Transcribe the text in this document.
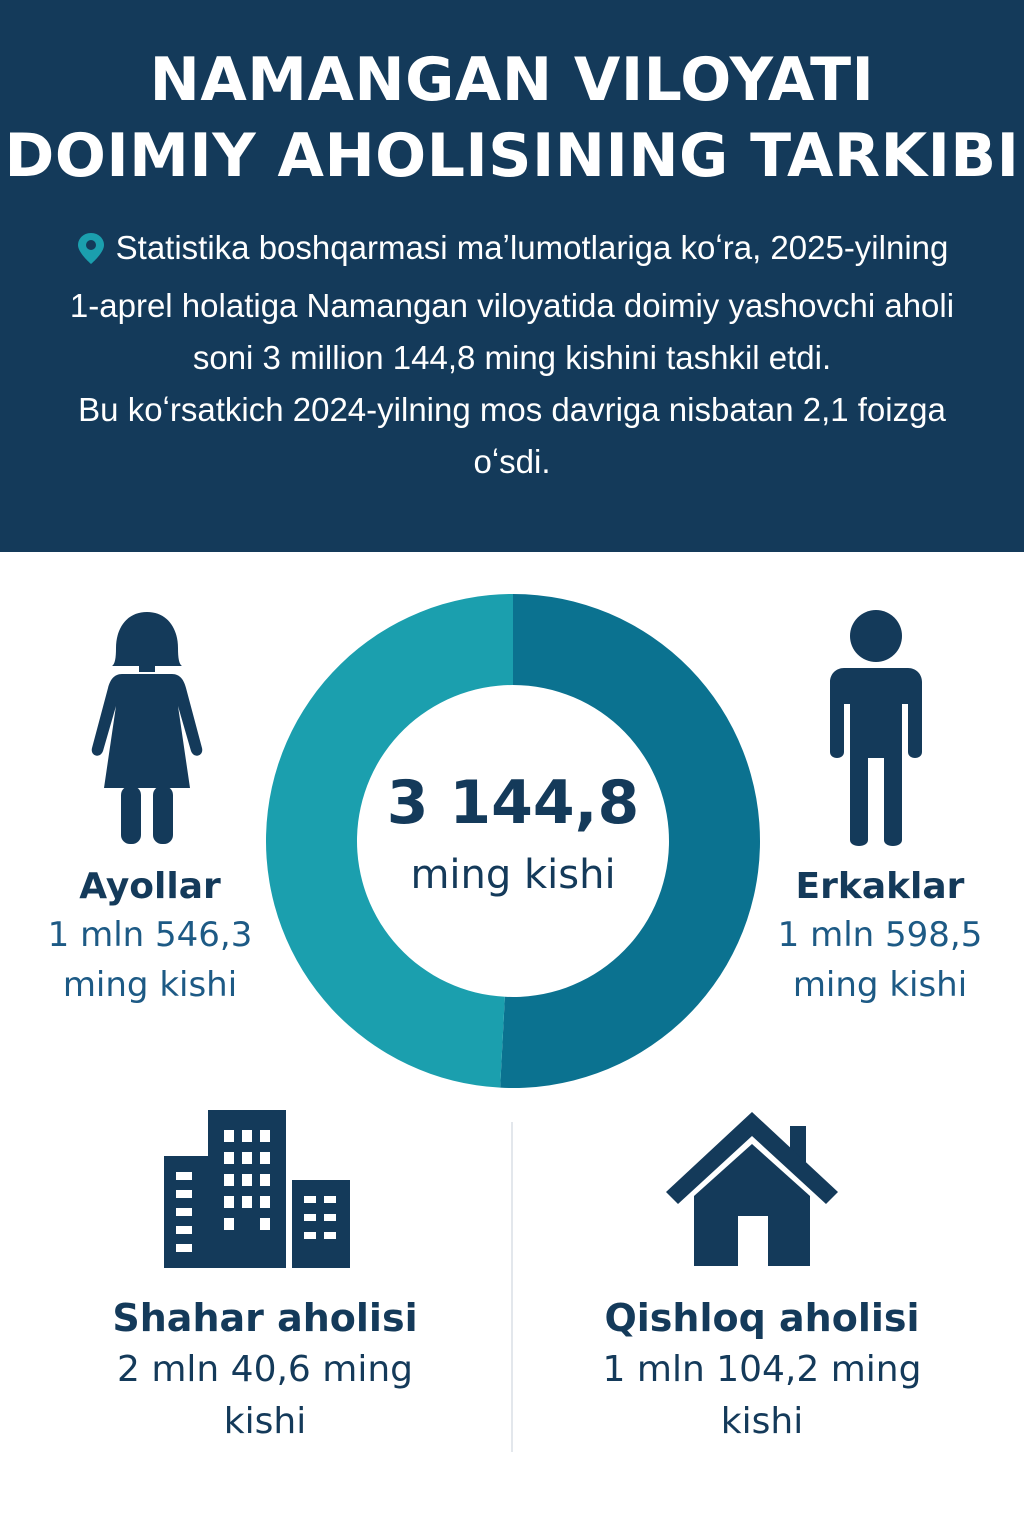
NAMANGAN VILOYATI
DOIMIY AHOLISINING TARKIBI

Statistika boshqarmasi maʼlumotlariga koʻra, 2025-yilning 1-aprel holatiga Namangan viloyatida doimiy yashovchi aholi soni 3 million 144,8 ming kishini tashkil etdi.

Bu koʻrsatkich 2024-yilning mos davriga nisbatan 2,1 foizga oʻsdi.

3 144,8
ming kishi
Ayollar
1 mln 546,3
ming kishi
Erkaklar
1 mln 598,5
ming kishi
Shahar aholisi
2 mln 40,6 ming
kishi
Qishloq aholisi
1 mln 104,2 ming
kishi
